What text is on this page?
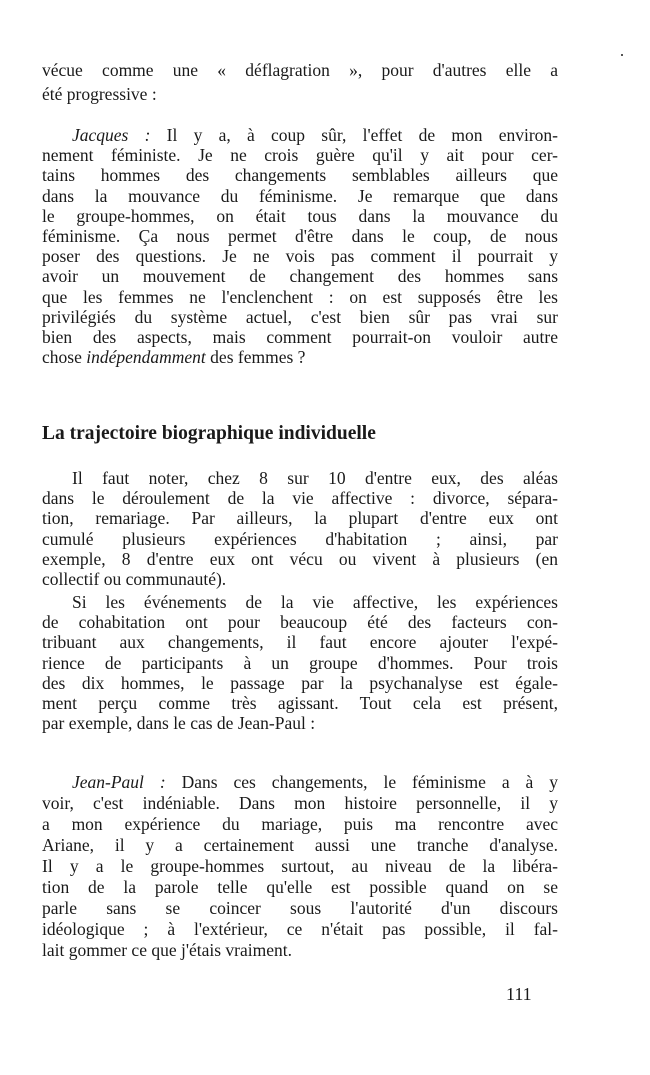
vécue comme une « déflagration », pour d'autres elle a
été progressive :
Jacques : Il y a, à coup sûr, l'effet de mon environ-
nement féministe. Je ne crois guère qu'il y ait pour cer-
tains hommes des changements semblables ailleurs que
dans la mouvance du féminisme. Je remarque que dans
le groupe-hommes, on était tous dans la mouvance du
féminisme. Ça nous permet d'être dans le coup, de nous
poser des questions. Je ne vois pas comment il pourrait y
avoir un mouvement de changement des hommes sans
que les femmes ne l'enclenchent : on est supposés être les
privilégiés du système actuel, c'est bien sûr pas vrai sur
bien des aspects, mais comment pourrait-on vouloir autre
chose indépendamment des femmes ?
La trajectoire biographique individuelle
Il faut noter, chez 8 sur 10 d'entre eux, des aléas
dans le déroulement de la vie affective : divorce, sépara-
tion, remariage. Par ailleurs, la plupart d'entre eux ont
cumulé plusieurs expériences d'habitation ; ainsi, par
exemple, 8 d'entre eux ont vécu ou vivent à plusieurs (en
collectif ou communauté).
Si les événements de la vie affective, les expériences
de cohabitation ont pour beaucoup été des facteurs con-
tribuant aux changements, il faut encore ajouter l'expé-
rience de participants à un groupe d'hommes. Pour trois
des dix hommes, le passage par la psychanalyse est égale-
ment perçu comme très agissant. Tout cela est présent,
par exemple, dans le cas de Jean-Paul :
Jean-Paul : Dans ces changements, le féminisme a à y
voir, c'est indéniable. Dans mon histoire personnelle, il y
a mon expérience du mariage, puis ma rencontre avec
Ariane, il y a certainement aussi une tranche d'analyse.
Il y a le groupe-hommes surtout, au niveau de la libéra-
tion de la parole telle qu'elle est possible quand on se
parle sans se coincer sous l'autorité d'un discours
idéologique ; à l'extérieur, ce n'était pas possible, il fal-
lait gommer ce que j'étais vraiment.
111
